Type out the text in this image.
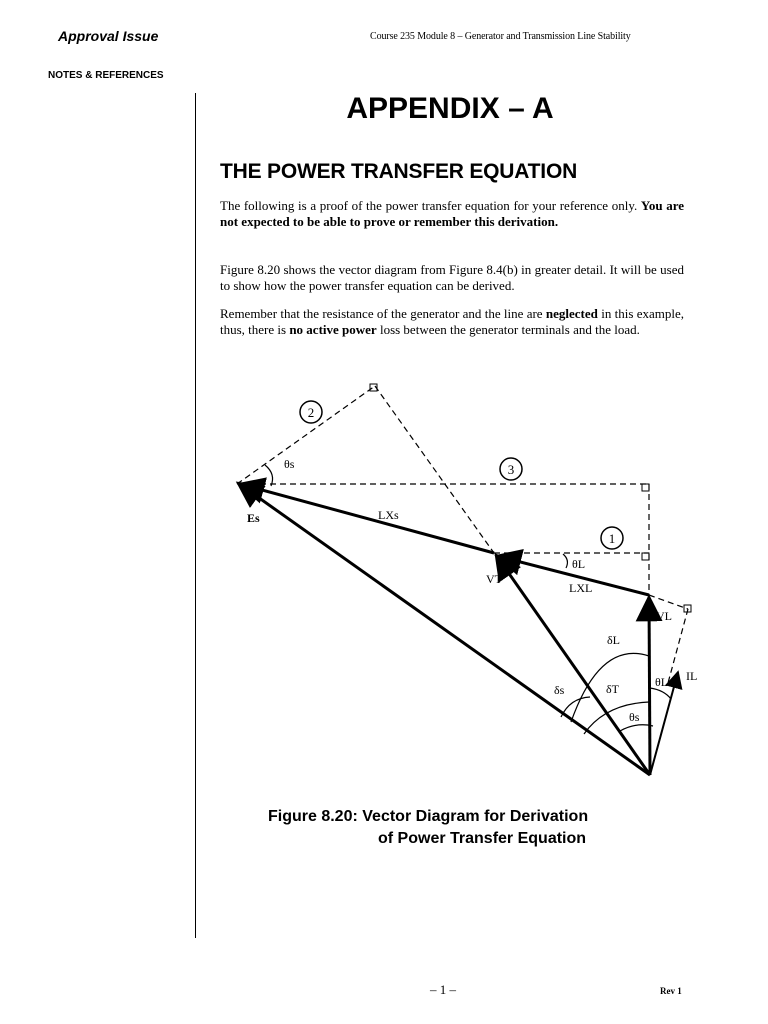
Approval Issue	Course 235 Module 8 – Generator and Transmission Line Stability
NOTES & REFERENCES
APPENDIX – A
THE POWER TRANSFER EQUATION
The following is a proof of the power transfer equation for your reference only. You are not expected to be able to prove or remember this derivation.
Figure 8.20 shows the vector diagram from Figure 8.4(b) in greater detail. It will be used to show how the power transfer equation can be derived.
Remember that the resistance of the generator and the line are neglected in this example, thus, there is no active power loss between the generator terminals and the load.
2
3
1
θs
Es	LXs
θL
VT
LXL
VL
IL
δL
δs	δT	θL
θs
Figure 8.20: Vector Diagram for Derivation
of Power Transfer Equation
– 1 –	Rev 1
